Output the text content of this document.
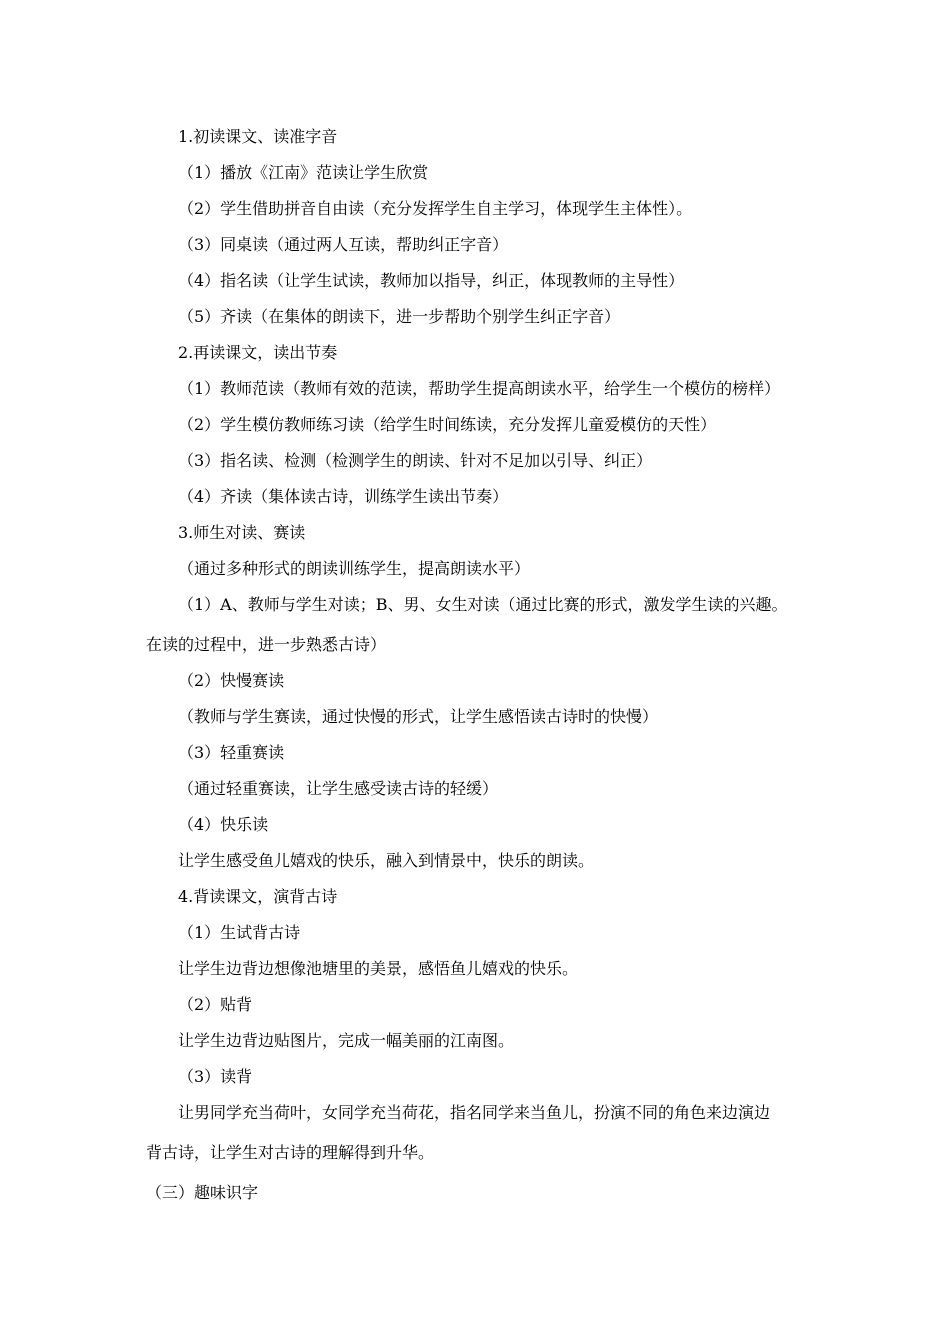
1.初读课文、读准字音
（1）播放《江南》范读让学生欣赏
（2）学生借助拼音自由读（充分发挥学生自主学习，体现学生主体性）。
（3）同桌读（通过两人互读，帮助纠正字音）
（4）指名读（让学生试读，教师加以指导，纠正，体现教师的主导性）
（5）齐读（在集体的朗读下，进一步帮助个别学生纠正字音）
2.再读课文，读出节奏
（1）教师范读（教师有效的范读，帮助学生提高朗读水平，给学生一个模仿的榜样）
（2）学生模仿教师练习读（给学生时间练读，充分发挥儿童爱模仿的天性）
（3）指名读、检测（检测学生的朗读、针对不足加以引导、纠正）
（4）齐读（集体读古诗，训练学生读出节奏）
3.师生对读、赛读
（通过多种形式的朗读训练学生，提高朗读水平）
（1）A、教师与学生对读；B、男、女生对读（通过比赛的形式，激发学生读的兴趣。
在读的过程中，进一步熟悉古诗）
（2）快慢赛读
（教师与学生赛读，通过快慢的形式，让学生感悟读古诗时的快慢）
（3）轻重赛读
（通过轻重赛读，让学生感受读古诗的轻缓）
（4）快乐读
让学生感受鱼儿嬉戏的快乐，融入到情景中，快乐的朗读。
4.背读课文，演背古诗
（1）生试背古诗
让学生边背边想像池塘里的美景，感悟鱼儿嬉戏的快乐。
（2）贴背
让学生边背边贴图片，完成一幅美丽的江南图。
（3）读背
让男同学充当荷叶，女同学充当荷花，指名同学来当鱼儿，扮演不同的角色来边演边
背古诗，让学生对古诗的理解得到升华。
（三）趣味识字
